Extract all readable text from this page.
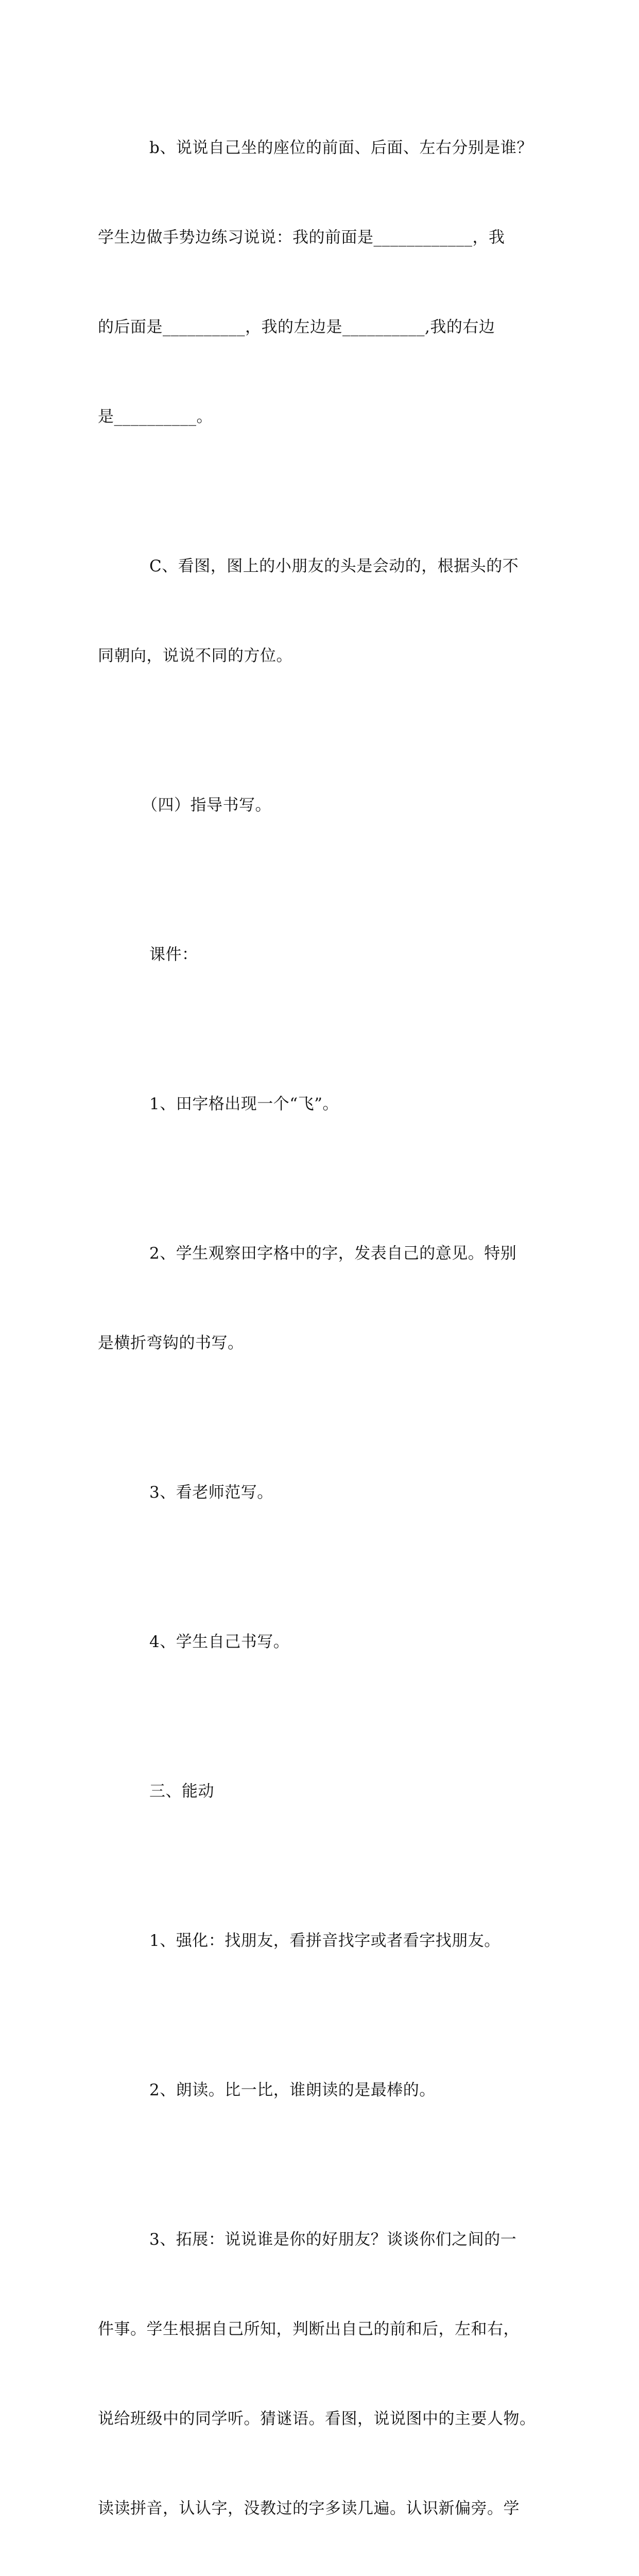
b、说说自己坐的座位的前面、后面、左右分别是谁？

学生边做手势边练习说说：我的前面是____________，我

的后面是__________，我的左边是__________,我的右边

是__________。

C、看图，图上的小朋友的头是会动的，根据头的不

同朝向，说说不同的方位。

（四）指导书写。

课件：

1、田字格出现一个“飞”。

2、学生观察田字格中的字，发表自己的意见。特别

是横折弯钩的书写。

3、看老师范写。

4、学生自己书写。

三、能动

1、强化：找朋友，看拼音找字或者看字找朋友。

2、朗读。比一比，谁朗读的是最棒的。

3、拓展：说说谁是你的好朋友？谈谈你们之间的一

件事。学生根据自己所知，判断出自己的前和后，左和右，

说给班级中的同学听。猜谜语。看图，说说图中的主要人物。

读读拼音，认认字，没教过的字多读几遍。认识新偏旁。学
